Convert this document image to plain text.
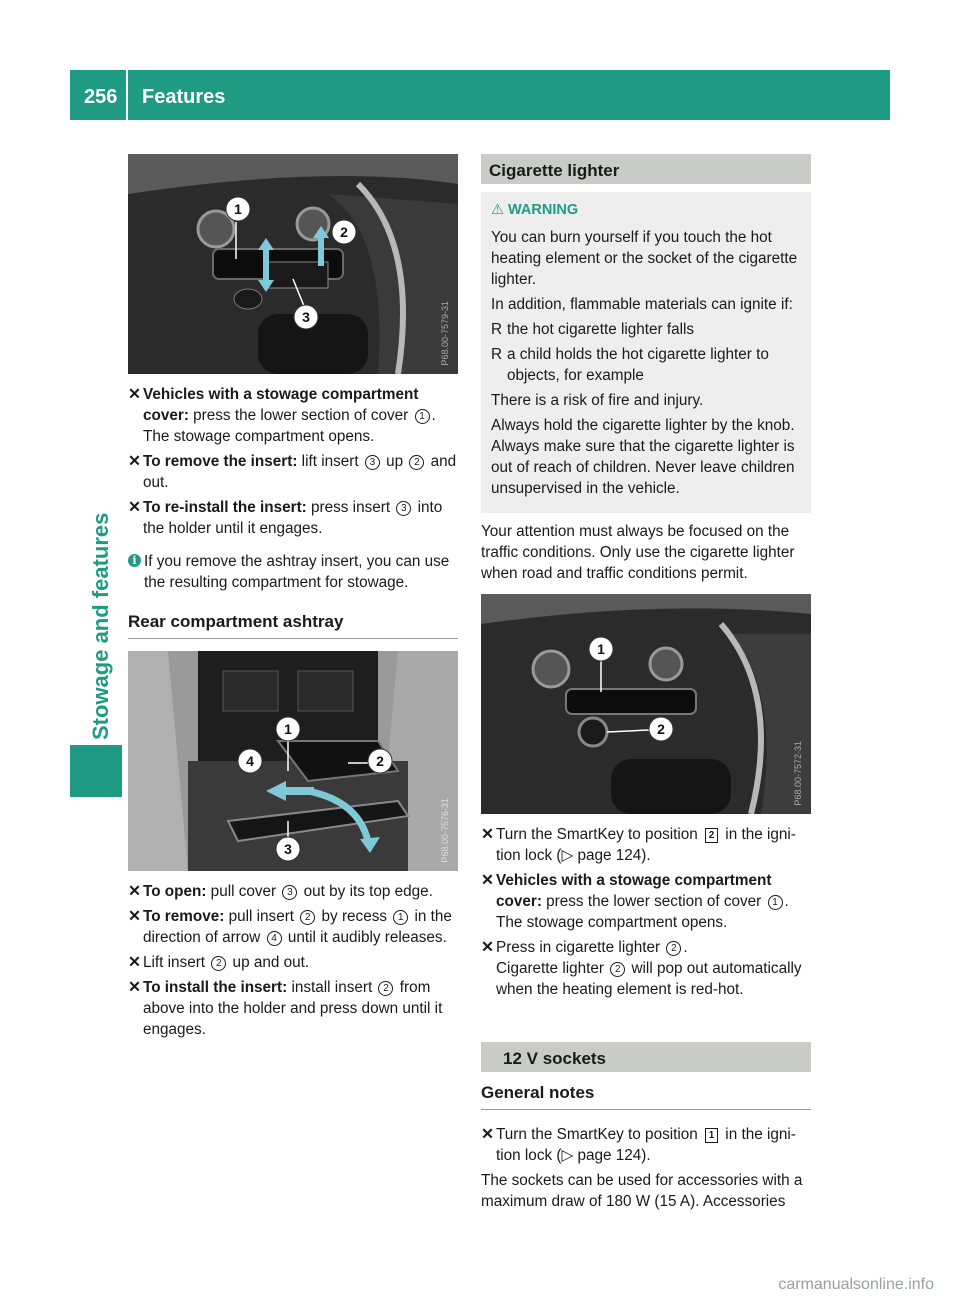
256 Features
Stowage and features
1
2
3	P68.00-7579-31
✕ Vehicles with a stowage compartment cover: press the lower section of cover 1 .
The stowage compartment opens.
✕ To remove the insert: lift insert 3 up 2 and out.
✕ To re-install the insert: press insert 3 into the holder until it engages.
i If you remove the ashtray insert, you can use the resulting compartment for stowage.

Rear compartment ashtray

1
2
3
4
P68.00-7576-31
✕ To open: pull cover 3 out by its top edge.
✕ To remove: pull insert 2 by recess 1 in the direction of arrow 4 until it audibly releases.
✕ Lift insert 2 up and out.
✕ To install the insert: install insert 2 from above into the holder and press down until it engages.
Cigarette lighter
⚠ WARNING

You can burn yourself if you touch the hot heating element or the socket of the cigarette lighter.

In addition, flammable materials can ignite if:

R the hot cigarette lighter falls
R a child holds the hot cigarette lighter to objects, for example

There is a risk of fire and injury.

Always hold the cigarette lighter by the knob. Always make sure that the cigarette lighter is out of reach of children. Never leave children unsupervised in the vehicle.

Your attention must always be focused on the traffic conditions. Only use the cigarette lighter when road and traffic conditions permit.

1
2
P68.00-7572-31
✕ Turn the SmartKey to position 2 in the ignition lock (▷ page 124).
✕ Vehicles with a stowage compartment cover: press the lower section of cover 1 .
The stowage compartment opens.
✕ Press in cigarette lighter 2 .
Cigarette lighter 2 will pop out automatically when the heating element is red-hot.
12 V sockets

General notes

✕ Turn the SmartKey to position 1 in the ignition lock (▷ page 124).

The sockets can be used for accessories with a maximum draw of 180 W (15 A). Accessories

carmanualsonline.info
